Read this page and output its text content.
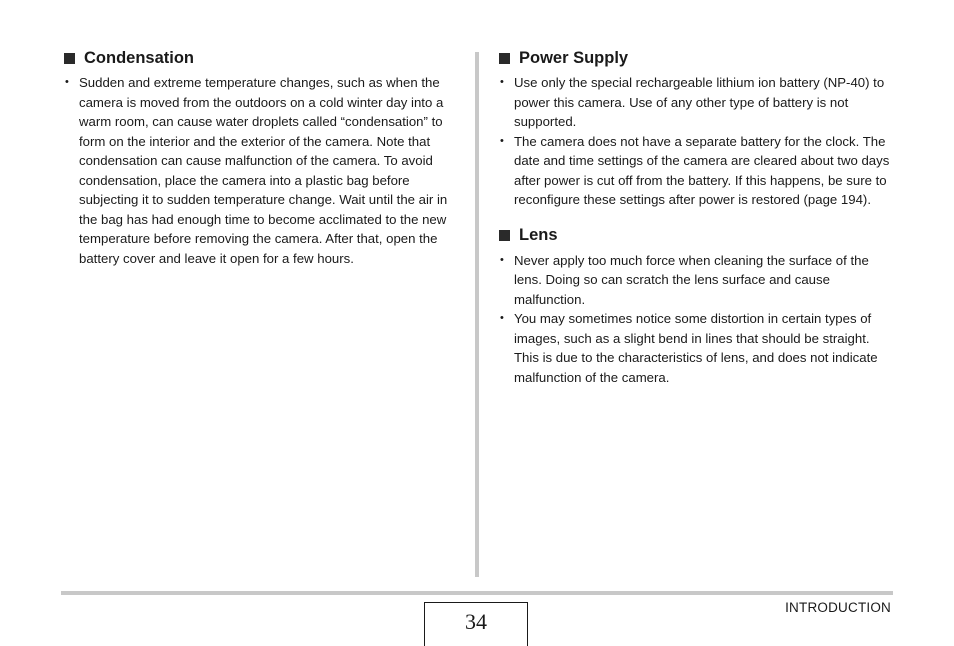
Condensation
• Sudden and extreme temperature changes, such as when the camera is moved from the outdoors on a cold winter day into a warm room, can cause water droplets called “condensation” to form on the interior and the exterior of the camera. Note that condensation can cause malfunction of the camera. To avoid condensation, place the camera into a plastic bag before subjecting it to sudden temperature change. Wait until the air in the bag has had enough time to become acclimated to the new temperature before removing the camera. After that, open the battery cover and leave it open for a few hours.
Power Supply
• Use only the special rechargeable lithium ion battery (NP-40) to power this camera. Use of any other type of battery is not supported.
• The camera does not have a separate battery for the clock. The date and time settings of the camera are cleared about two days after power is cut off from the battery. If this happens, be sure to reconfigure these settings after power is restored (page 194).
Lens
• Never apply too much force when cleaning the surface of the lens. Doing so can scratch the lens surface and cause malfunction.
• You may sometimes notice some distortion in certain types of images, such as a slight bend in lines that should be straight. This is due to the characteristics of lens, and does not indicate malfunction of the camera.
34
INTRODUCTION
